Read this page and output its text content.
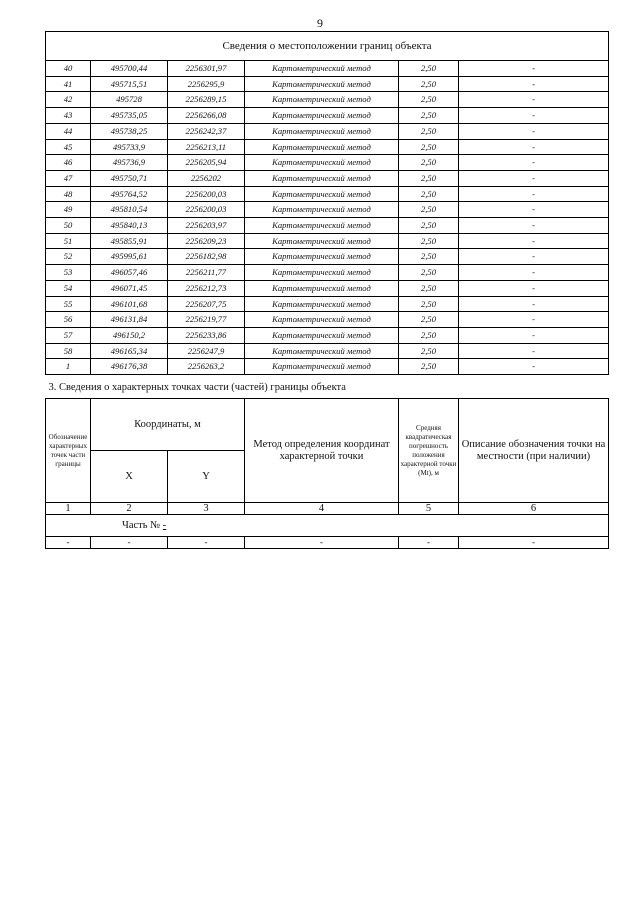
9
Сведения о местоположении границ объекта					
40	495700,44	2256301,97	Картометрический метод	2,50	-
41	495715,51	2256295,9	Картометрический метод	2,50	-
42	495728	2256289,15	Картометрический метод	2,50	-
43	495735,05	2256266,08	Картометрический метод	2,50	-
44	495738,25	2256242,37	Картометрический метод	2,50	-
45	495733,9	2256213,11	Картометрический метод	2,50	-
46	495736,9	2256205,94	Картометрический метод	2,50	-
47	495750,71	2256202	Картометрический метод	2,50	-
48	495764,52	2256200,03	Картометрический метод	2,50	-
49	495810,54	2256200,03	Картометрический метод	2,50	-
50	495840,13	2256203,97	Картометрический метод	2,50	-
51	495855,91	2256209,23	Картометрический метод	2,50	-
52	495995,61	2256182,98	Картометрический метод	2,50	-
53	496057,46	2256211,77	Картометрический метод	2,50	-
54	496071,45	2256212,73	Картометрический метод	2,50	-
55	496101,68	2256207,75	Картометрический метод	2,50	-
56	496131,84	2256219,77	Картометрический метод	2,50	-
57	496150,2	2256233,86	Картометрический метод	2,50	-
58	496165,34	2256247,9	Картометрический метод	2,50	-
1	496176,38	2256263,2	Картометрический метод	2,50	-
3. Сведения о характерных точках части (частей) границы объекта					
Обозначение характерных точек части границы	Координаты, м		Метод определения координат характерной точки	Средняя квадратическая погрешность положения характерной точки (Мt), м	Описание обозначения точки на местности (при наличии)
	X	Y			
1	2	3	4	5	6
Часть № -					
-	-	-	-	-	-
